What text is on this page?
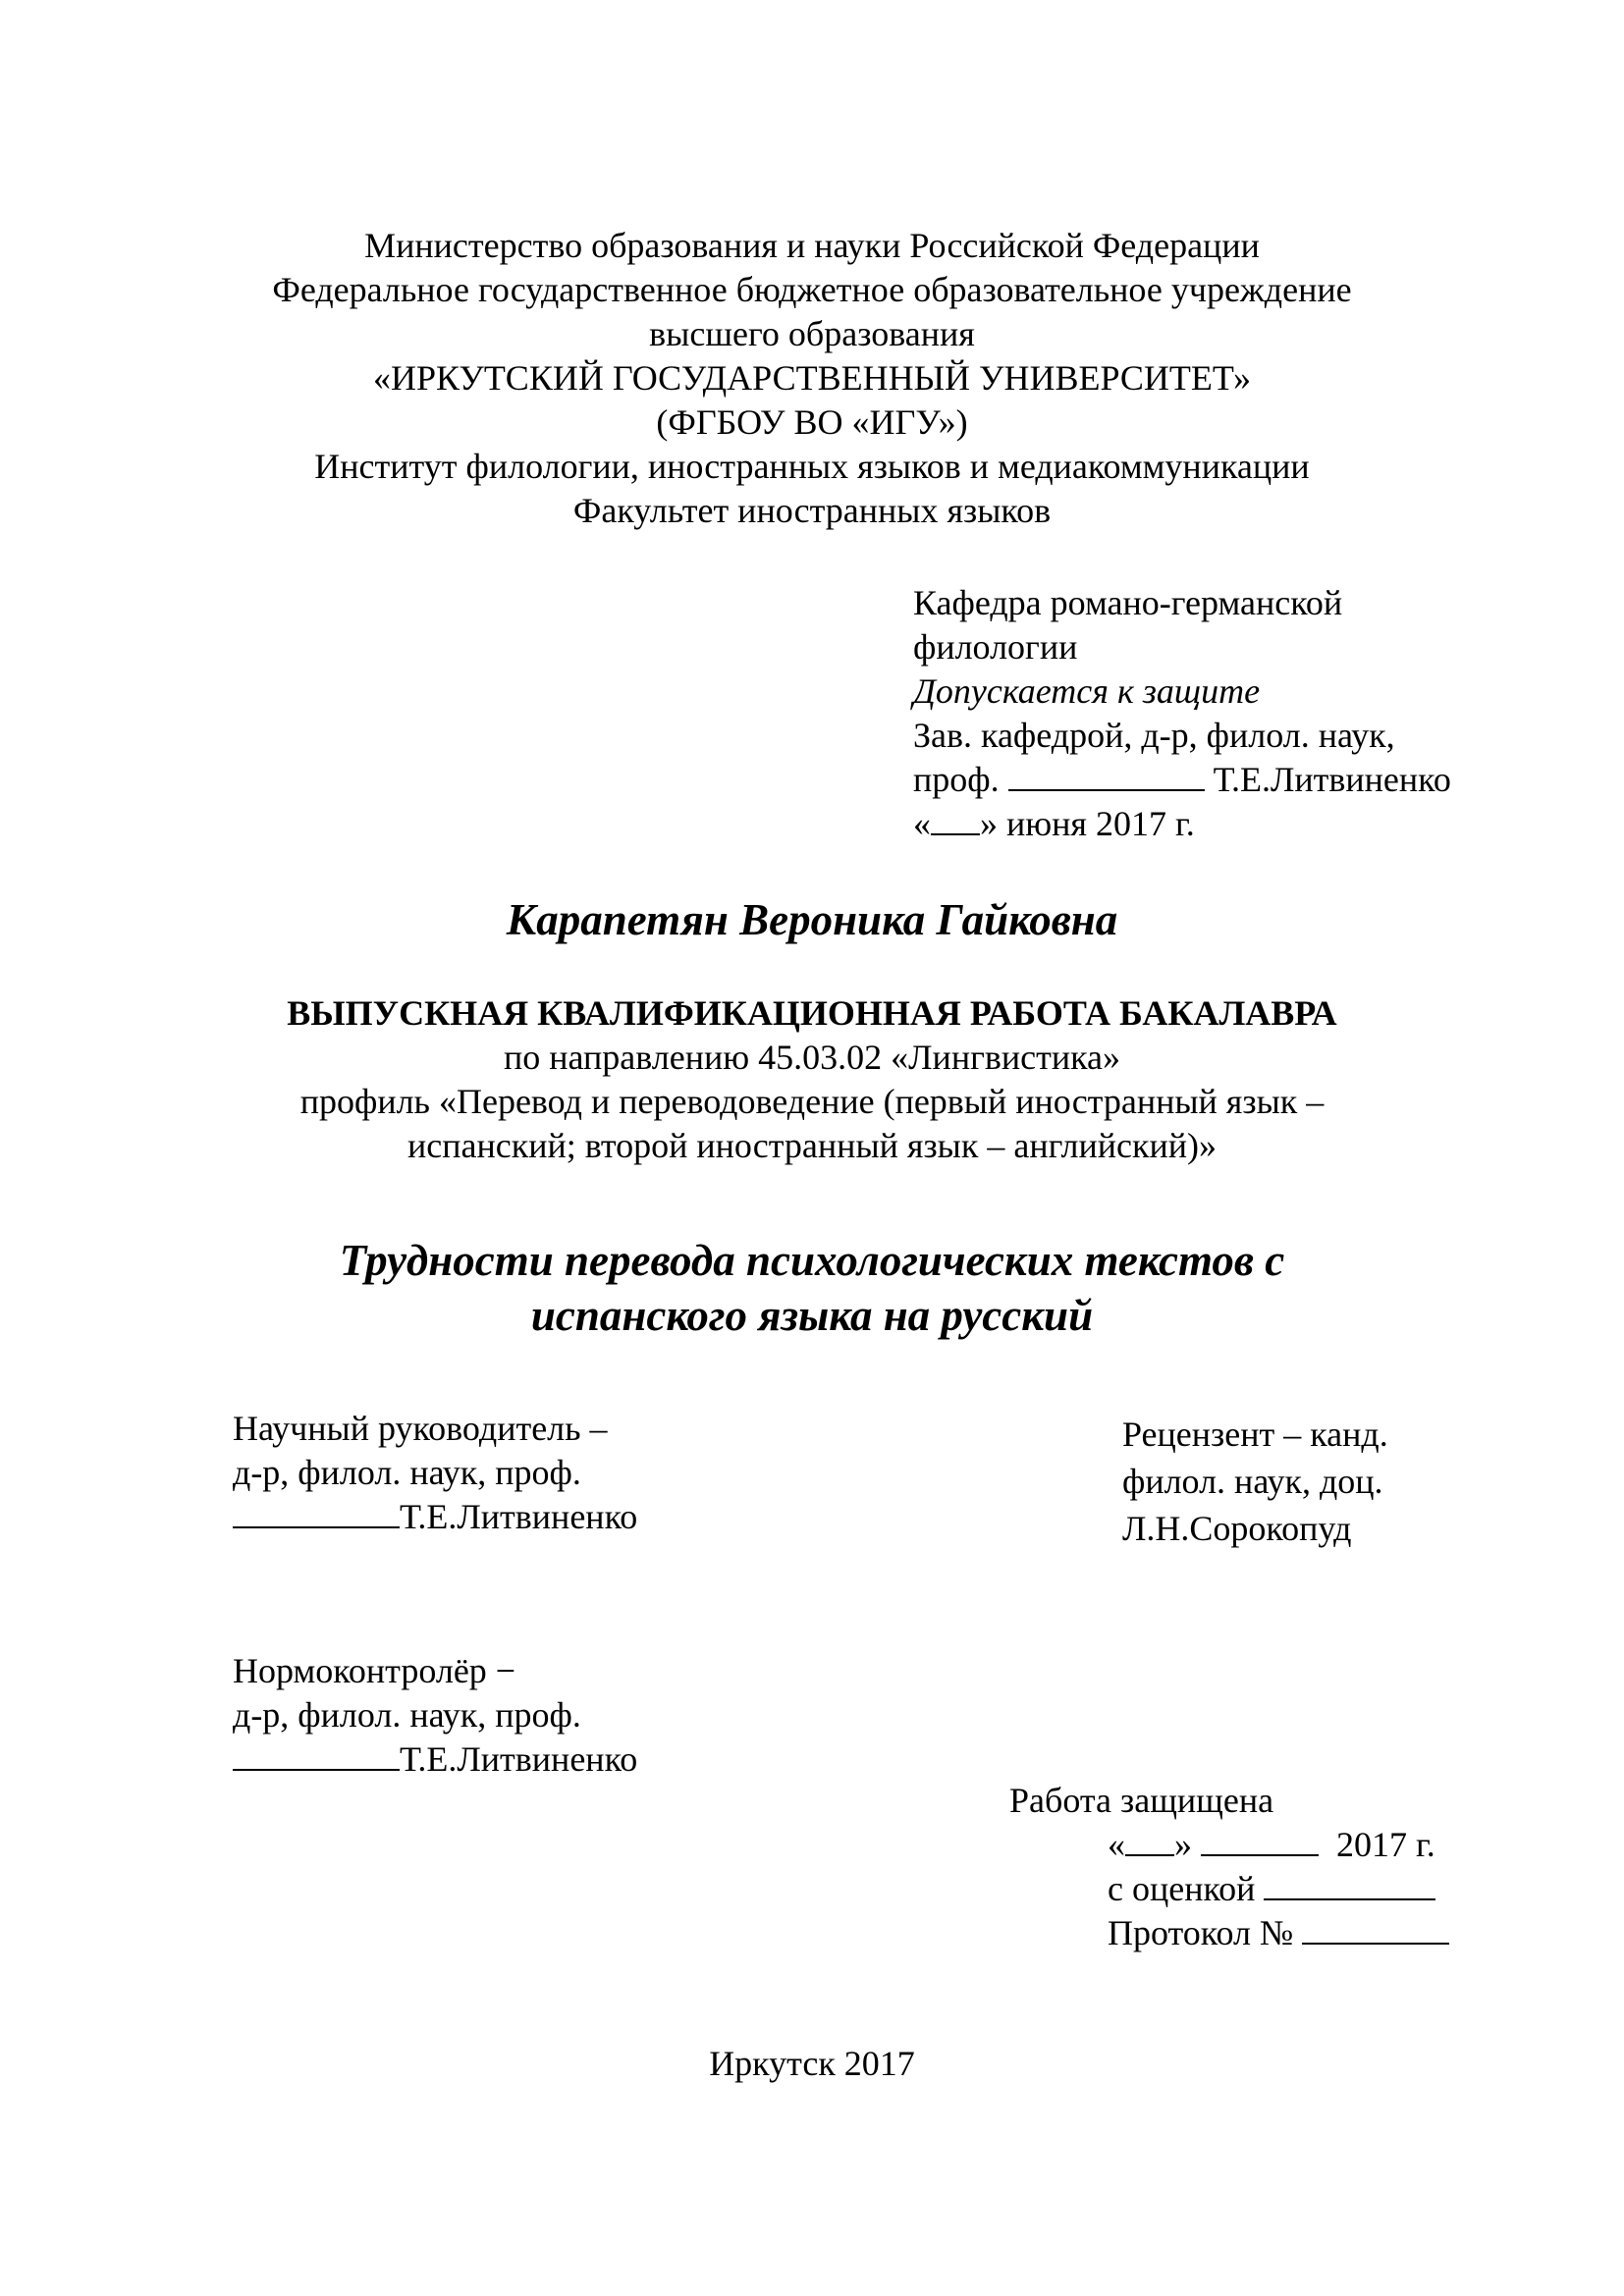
Министерство образования и науки Российской Федерации
Федеральное государственное бюджетное образовательное учреждение
высшего образования
«ИРКУТСКИЙ ГОСУДАРСТВЕННЫЙ УНИВЕРСИТЕТ»
(ФГБОУ ВО «ИГУ»)
Институт филологии, иностранных языков и медиакоммуникации
Факультет иностранных языков
Кафедра романо-германской
филологии
Допускается к защите
Зав. кафедрой, д-р, филол. наук,
проф.	Т.Е.Литвиненко
« » июня 2017 г.
Карапетян Вероника Гайковна
ВЫПУСКНАЯ КВАЛИФИКАЦИОННАЯ РАБОТА БАКАЛАВРА
по направлению 45.03.02 «Лингвистика»
профиль «Перевод и переводоведение (первый иностранный язык –
испанский; второй иностранный язык – английский)»
Трудности перевода психологических текстов с
испанского языка на русский
Научный руководитель –
д-р, филол. наук, проф.
Т.Е.Литвиненко
Рецензент – канд.
филол. наук, доц.
Л.Н.Сорокопуд
Нормоконтролёр −
д-р, филол. наук, проф.
Т.Е.Литвиненко
Работа защищена
« »	2017 г.
с оценкой
Протокол №
Иркутск 2017
